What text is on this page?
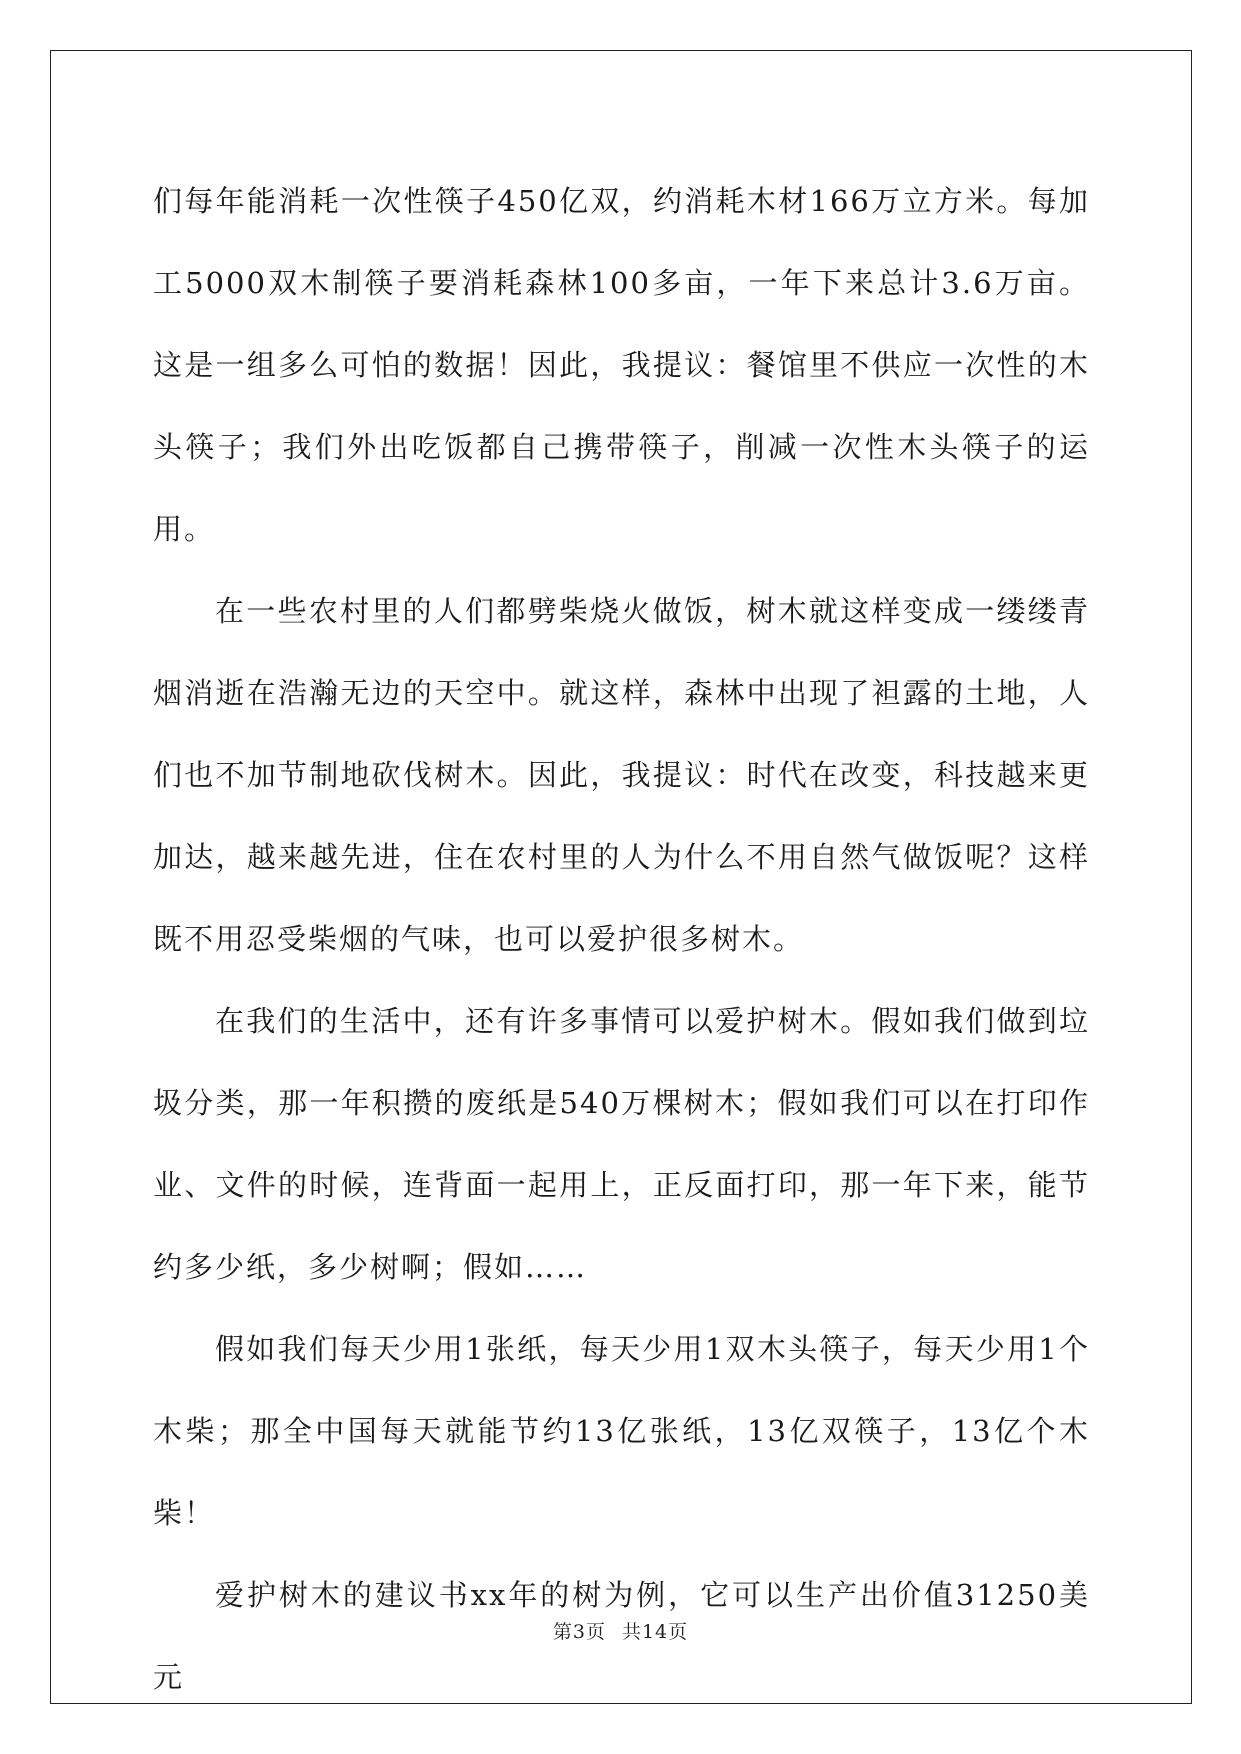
们每年能消耗一次性筷子450亿双，约消耗木材166万立方米。每加工5000双木制筷子要消耗森林100多亩，一年下来总计3.6万亩。这是一组多么可怕的数据！因此，我提议：餐馆里不供应一次性的木头筷子；我们外出吃饭都自己携带筷子，削减一次性木头筷子的运用。

在一些农村里的人们都劈柴烧火做饭，树木就这样变成一缕缕青烟消逝在浩瀚无边的天空中。就这样，森林中出现了袒露的土地，人们也不加节制地砍伐树木。因此，我提议：时代在改变，科技越来更加达，越来越先进，住在农村里的人为什么不用自然气做饭呢？这样既不用忍受柴烟的气味，也可以爱护很多树木。

在我们的生活中，还有许多事情可以爱护树木。假如我们做到垃圾分类，那一年积攒的废纸是540万棵树木；假如我们可以在打印作业、文件的时候，连背面一起用上，正反面打印，那一年下来，能节约多少纸，多少树啊；假如……

假如我们每天少用1张纸，每天少用1双木头筷子，每天少用1个木柴；那全中国每天就能节约13亿张纸，13亿双筷子，13亿个木柴！

爱护树木的建议书xx年的树为例，它可以生产出价值31250美元

第3页 共14页
